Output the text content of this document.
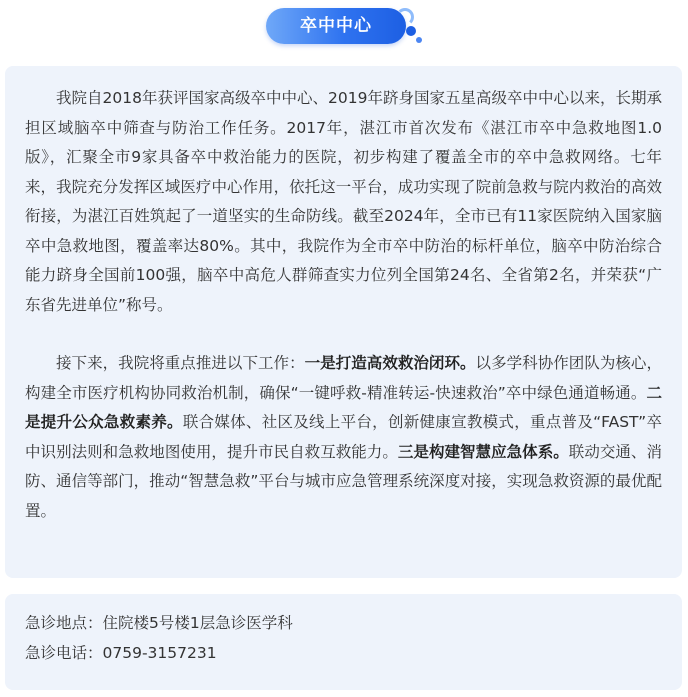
卒中中心

我院自2018年获评国家高级卒中中心、2019年跻身国家五星高级卒中中心以来，长期承担区域脑卒中筛查与防治工作任务。2017年，湛江市首次发布《湛江市卒中急救地图1.0版》，汇聚全市9家具备卒中救治能力的医院，初步构建了覆盖全市的卒中急救网络。七年来，我院充分发挥区域医疗中心作用，依托这一平台，成功实现了院前急救与院内救治的高效衔接，为湛江百姓筑起了一道坚实的生命防线。截至2024年，全市已有11家医院纳入国家脑卒中急救地图，覆盖率达80%。其中，我院作为全市卒中防治的标杆单位，脑卒中防治综合能力跻身全国前100强，脑卒中高危人群筛查实力位列全国第24名、全省第2名，并荣获“广东省先进单位”称号。

接下来，我院将重点推进以下工作：一是打造高效救治闭环。以多学科协作团队为核心，构建全市医疗机构协同救治机制，确保“一键呼救-精准转运-快速救治”卒中绿色通道畅通。二是提升公众急救素养。联合媒体、社区及线上平台，创新健康宣教模式，重点普及“FAST”卒中识别法则和急救地图使用，提升市民自救互救能力。三是构建智慧应急体系。联动交通、消防、通信等部门，推动“智慧急救”平台与城市应急管理系统深度对接，实现急救资源的最优配置。

急诊地点：住院楼5号楼1层急诊医学科

急诊电话：0759-3157231
